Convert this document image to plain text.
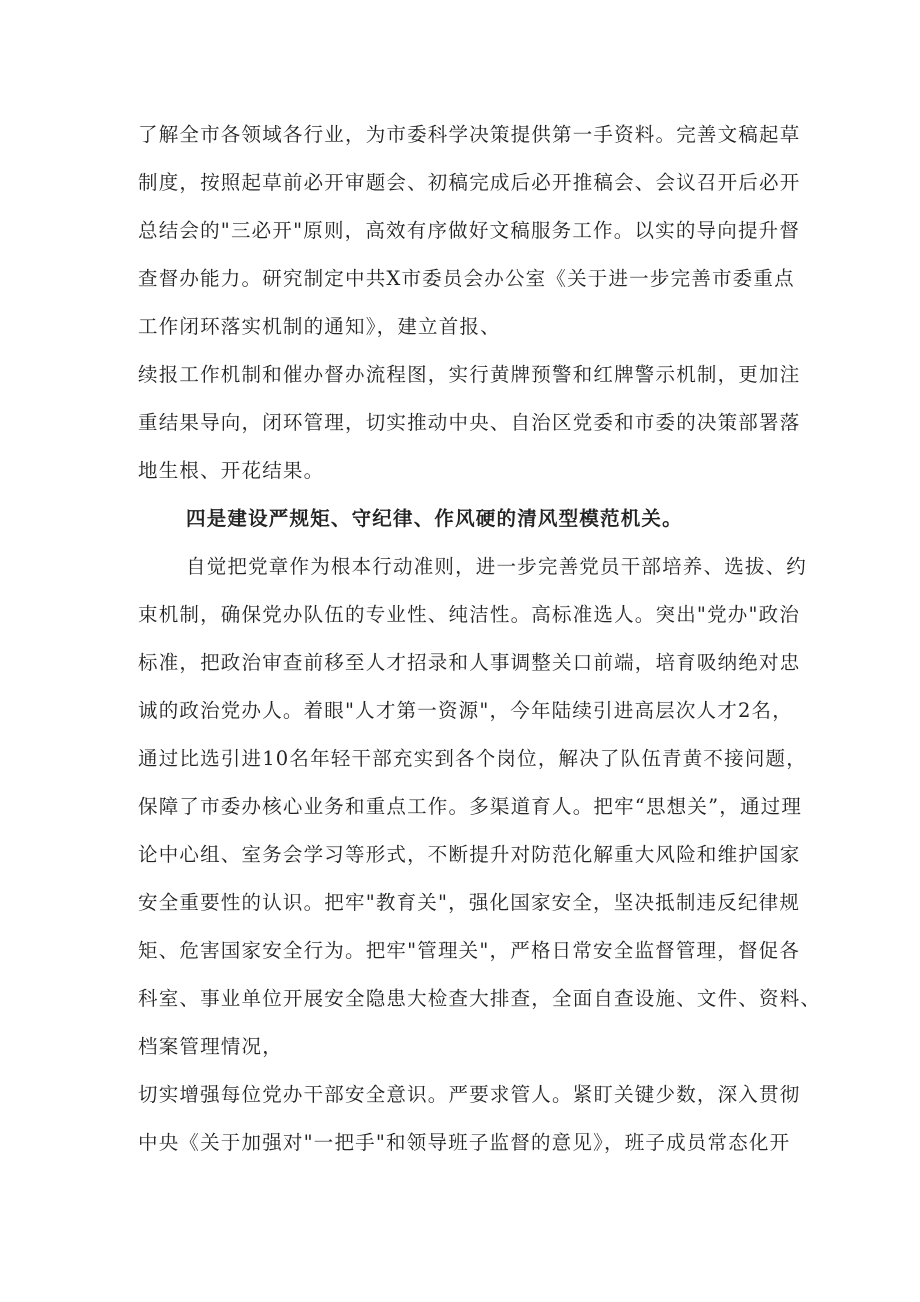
了解全市各领域各行业，为市委科学决策提供第一手资料。完善文稿起草
制度，按照起草前必开审题会、初稿完成后必开推稿会、会议召开后必开
总结会的"三必开"原则，高效有序做好文稿服务工作。以实的导向提升督
查督办能力。研究制定中共X市委员会办公室《关于进一步完善市委重点
工作闭环落实机制的通知》，建立首报、
续报工作机制和催办督办流程图，实行黄牌预警和红牌警示机制，更加注
重结果导向，闭环管理，切实推动中央、自治区党委和市委的决策部署落
地生根、开花结果。
四是建设严规矩、守纪律、作风硬的清风型模范机关。
自觉把党章作为根本行动准则，进一步完善党员干部培养、选拔、约
束机制，确保党办队伍的专业性、纯洁性。高标准选人。突出"党办"政治
标准，把政治审查前移至人才招录和人事调整关口前端，培育吸纳绝对忠
诚的政治党办人。着眼"人才第一资源"，今年陆续引进高层次人才2名，
通过比选引进10名年轻干部充实到各个岗位，解决了队伍青黄不接问题，
保障了市委办核心业务和重点工作。多渠道育人。把牢“思想关”，通过理
论中心组、室务会学习等形式，不断提升对防范化解重大风险和维护国家
安全重要性的认识。把牢"教育关"，强化国家安全，坚决抵制违反纪律规
矩、危害国家安全行为。把牢"管理关"，严格日常安全监督管理，督促各
科室、事业单位开展安全隐患大检查大排查，全面自查设施、文件、资料、
档案管理情况，
切实增强每位党办干部安全意识。严要求管人。紧盯关键少数，深入贯彻
中央《关于加强对"一把手"和领导班子监督的意见》，班子成员常态化开
